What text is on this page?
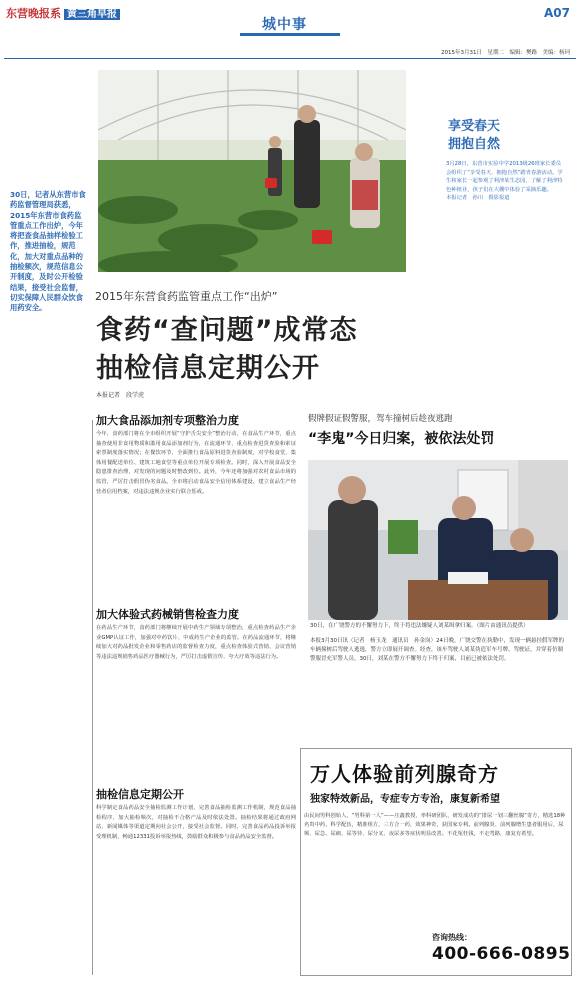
东营晚报系 黄三角早报
城中事
A07
2015年3月31日　星期二　编辑：樊路　美编：杨珂
享受春天
拥抱自然
3月28日，东营市实验中学2013级26班家长委员会组织了“享受春天、拥抱自然”踏青春游活动。学生和家长一起参观了利津某生态园，了解了利津特色种植业，孩子们在大棚中体验了采摘乐趣。
本报记者　孙川　摄影报道
30日，记者从东营市食药监督管理局获悉，2015年东营市食药监管重点工作出炉，今年将把查食品抽样检验工作，推进抽检，规范化，加大对重点品种的抽检频次，规范信息公开制度，及时公开检验结果，接受社会监督，切实保障人民群众饮食用药安全。
2015年东营食药监管重点工作“出炉”
食药“查问题”成常态
抽检信息定期公开
本报记者　段学虎
加大食品添加剂专项整治力度
今年，食药部门将在全市组织开展“守护舌尖安全”整治行动，在食品生产环节，重点抽查使用非食用物质和滥用食品添加剂行为，在流通环节，重点检查进货查验和索证索票制度落实情况；在餐饮环节，全面推行食品原料进货查验制度，对学校食堂、集体用餐配送单位、建筑工地食堂等重点单位开展专项检查。同时，深入开展食品安全隐患排查治理，对发现的问题及时整改到位。此外，今年还将加强对农村食品市场的监管，严厉打击假冒伪劣食品。全市将启动食品安全信用体系建设，建立食品生产经营者信用档案，对违法违规企业实行联合惩戒。
加大体验式药械销售检查力度
在药品生产环节，食药部门将继续开展中药生产领域专项整治，重点检查药品生产企业GMP认证工作，加强对中药饮片、中成药生产企业的监管。在药品流通环节，将继续加大对药品批发企业和零售药店的监督检查力度，重点检查体验式营销、会议营销等违法违规销售药品医疗器械行为，严厉打击虚假宣传、夸大疗效等违法行为。
抽检信息定期公开
科学制定食品药品安全抽检监测工作计划，完善食品抽检监测工作机制，规范食品抽检程序，加大抽检频次，对抽检不合格产品及时依法处置。抽检结果将通过政府网站、新闻媒体等渠道定期向社会公开，接受社会监督。同时，完善食品药品投诉举报受理机制，畅通12331投诉举报热线，鼓励群众积极参与食品药品安全监督。
假牌假证假警服，驾车撞树后趁夜逃跑
“李鬼”今日归案，被依法处罚
30日，在广饶警方的不懈努力下，终于将违法嫌疑人刘某缉拿归案。（图片由通讯员提供）
本报3月30日讯（记者　杨玉龙　通讯员　孙金岗）24日晚，广饶交警在执勤中，发现一辆悬挂假军牌的车辆撞树后驾驶人逃逸，警方立即展开调查。经查，该车驾驶人刘某伪造军车号牌、驾驶证，并穿着仿制警服冒充军警人员。30日，刘某在警方不懈努力下终于归案，目前已被依法处罚。
万人体验前列腺奇方
独家特效新品，专症专方专治，康复新希望
由民间男科创始人，“男科第一人”——庄鑫教授，率科研团队，研发成功的“排尿一划三翻丝腺”奇方，精选18种名贵中药，科学配伍，精准组方，三方合一药，效果神奇，获国家专利。前列腺炎、前列腺增生患者服用后，尿频、尿急、尿痛、尿等待、尿分叉、夜尿多等症状明显改善。不花冤枉钱，不走弯路，康复有希望。
咨询热线：
400-666-0895
